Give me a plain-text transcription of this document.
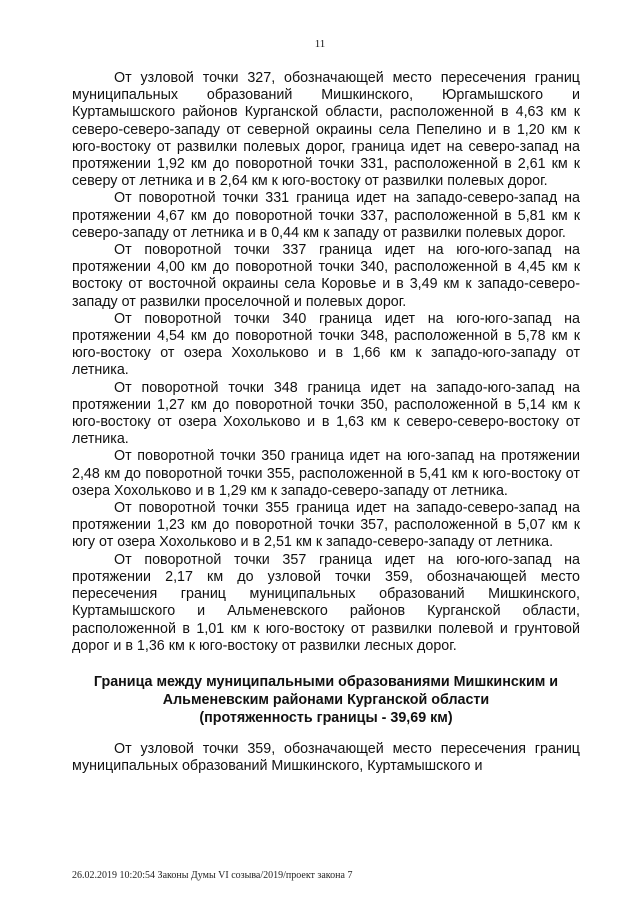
11

От узловой точки 327, обозначающей место пересечения границ муниципальных образований Мишкинского, Юргамышского и Куртамышского районов Курганской области, расположенной в 4,63 км к северо-северо-западу от северной окраины села Пепелино и в 1,20 км к юго-востоку от развилки полевых дорог, граница идет на северо-запад на протяжении 1,92 км до поворотной точки 331, расположенной в 2,61 км к северу от летника и в 2,64 км к юго-востоку от развилки полевых дорог.

От поворотной точки 331 граница идет на западо-северо-запад на протяжении 4,67 км до поворотной точки 337, расположенной в 5,81 км к северо-западу от летника и в 0,44 км к западу от развилки полевых дорог.

От поворотной точки 337 граница идет на юго-юго-запад на протяжении 4,00 км до поворотной точки 340, расположенной в 4,45 км к востоку от восточной окраины села Коровье и в 3,49 км к западо-северо-западу от развилки проселочной и полевых дорог.

От поворотной точки 340 граница идет на юго-юго-запад на протяжении 4,54 км до поворотной точки 348, расположенной в 5,78 км к юго-востоку от озера Хохольково и в 1,66 км к западо-юго-западу от летника.

От поворотной точки 348 граница идет на западо-юго-запад на протяжении 1,27 км до поворотной точки 350, расположенной в 5,14 км к юго-востоку от озера Хохольково и в 1,63 км к северо-северо-востоку от летника.

От поворотной точки 350 граница идет на юго-запад на протяжении 2,48 км до поворотной точки 355, расположенной в 5,41 км к юго-востоку от озера Хохольково и в 1,29 км к западо-северо-западу от летника.

От поворотной точки 355 граница идет на западо-северо-запад на протяжении 1,23 км до поворотной точки 357, расположенной в 5,07 км к югу от озера Хохольково и в 2,51 км к западо-северо-западу от летника.

От поворотной точки 357 граница идет на юго-юго-запад на протяжении 2,17 км до узловой точки 359, обозначающей место пересечения границ муниципальных образований Мишкинского, Куртамышского и Альменевского районов Курганской области, расположенной в 1,01 км к юго-востоку от развилки полевой и грунтовой дорог и в 1,36 км к юго-востоку от развилки лесных дорог.

Граница между муниципальными образованиями Мишкинским и
Альменевским районами Курганской области
(протяженность границы - 39,69 км)

От узловой точки 359, обозначающей место пересечения границ муниципальных образований Мишкинского, Куртамышского и

26.02.2019 10:20:54 Законы Думы VI созыва/2019/проект закона 7
